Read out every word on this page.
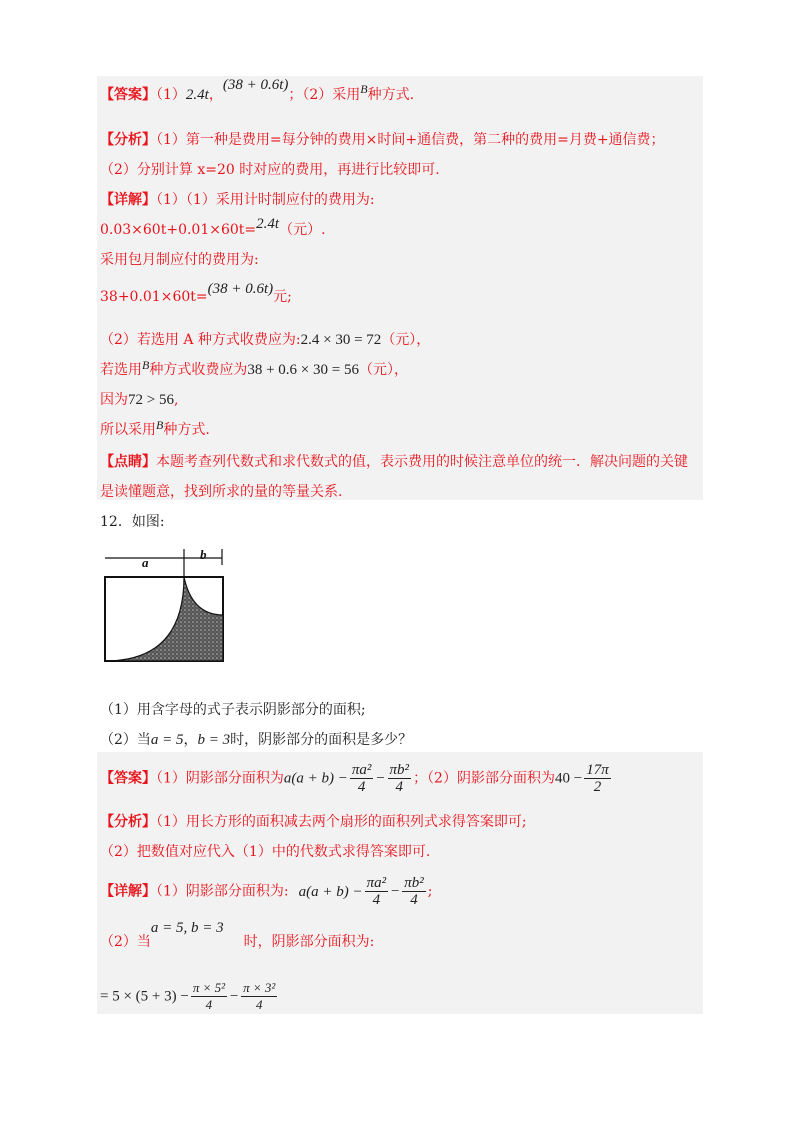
【答案】（1）2.4t，(38 + 0.6t)；（2）采用B种方式.
【分析】（1）第一种是费用=每分钟的费用×时间+通信费，第二种的费用=月费+通信费；
（2）分别计算 x=20 时对应的费用，再进行比较即可.
【详解】（1）（1）采用计时制应付的费用为:
0.03×60t+0.01×60t=2.4t（元）.
采用包月制应付的费用为:
38+0.01×60t=(38 + 0.6t)元;
（2）若选用 A 种方式收费应为:2.4 × 30 = 72（元），
若选用B种方式收费应为38 + 0.6 × 30 = 56（元），
因为72 > 56,
所以采用B种方式.
【点睛】本题考查列代数式和求代数式的值，表示费用的时候注意单位的统一．解决问题的关键
是读懂题意，找到所求的量的等量关系.
12．如图:
a
b
（1）用含字母的式子表示阴影部分的面积;
（2）当a = 5，b = 3时，阴影部分的面积是多少？
【答案】（1）阴影部分面积为$a(a + b) - \frac{\text{πa²}}{4} - \frac{\text{πb²}}{4}$ ；（2）阴影部分面积为$40 - \frac{17\pi}{2}$
【分析】（1）用长方形的面积减去两个扇形的面积列式求得答案即可;
（2）把数值对应代入（1）中的代数式求得答案即可.
【详解】（1）阴影部分面积为: $a(a + b) - \frac{\text{πa²}}{4} - \frac{\text{πb²}}{4}$ ;
（2）当a = 5, b = 3时，阴影部分面积为:
= $5 \times (5 + 3) - \frac{\text{π × 5²}}{4} - \frac{\text{π × 3²}}{4}$
